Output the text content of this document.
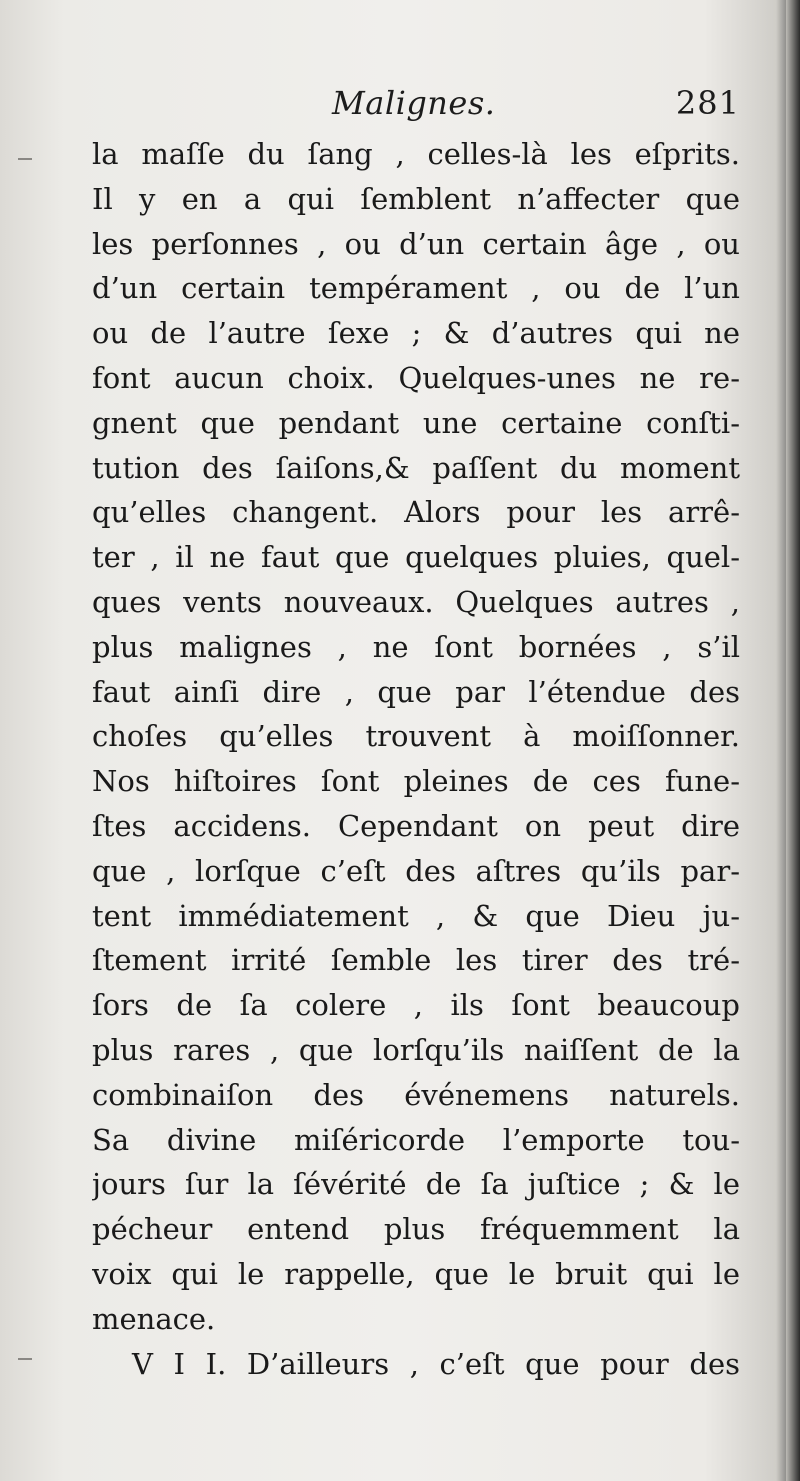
Malignes.	281
la maſſe du ſang , celles-là les eſprits.
Il y en a qui ſemblent n’affecter que
les perſonnes , ou d’un certain âge , ou
d’un certain tempérament , ou de l’un
ou de l’autre ſexe ; & d’autres qui ne
font aucun choix. Quelques-unes ne re-
gnent que pendant une certaine conſti-
tution des ſaiſons,& paſſent du moment
qu’elles changent. Alors pour les arrê-
ter , il ne faut que quelques pluies, quel-
ques vents nouveaux. Quelques autres ,
plus malignes , ne ſont bornées , s’il
faut ainſi dire , que par l’étendue des
choſes qu’elles trouvent à moiſſonner.
Nos hiſtoires ſont pleines de ces fune-
ſtes accidens. Cependant on peut dire
que , lorſque c’eſt des aſtres qu’ils par-
tent immédiatement , & que Dieu ju-
ſtement irrité ſemble les tirer des tré-
ſors de ſa colere , ils ſont beaucoup
plus rares , que lorſqu’ils naiſſent de la
combinaiſon des événemens naturels.
Sa divine miſéricorde l’emporte tou-
jours ſur la ſévérité de ſa juſtice ; & le
pécheur entend plus fréquemment la
voix qui le rappelle, que le bruit qui le
menace.
V I I. D’ailleurs , c’eſt que pour des
